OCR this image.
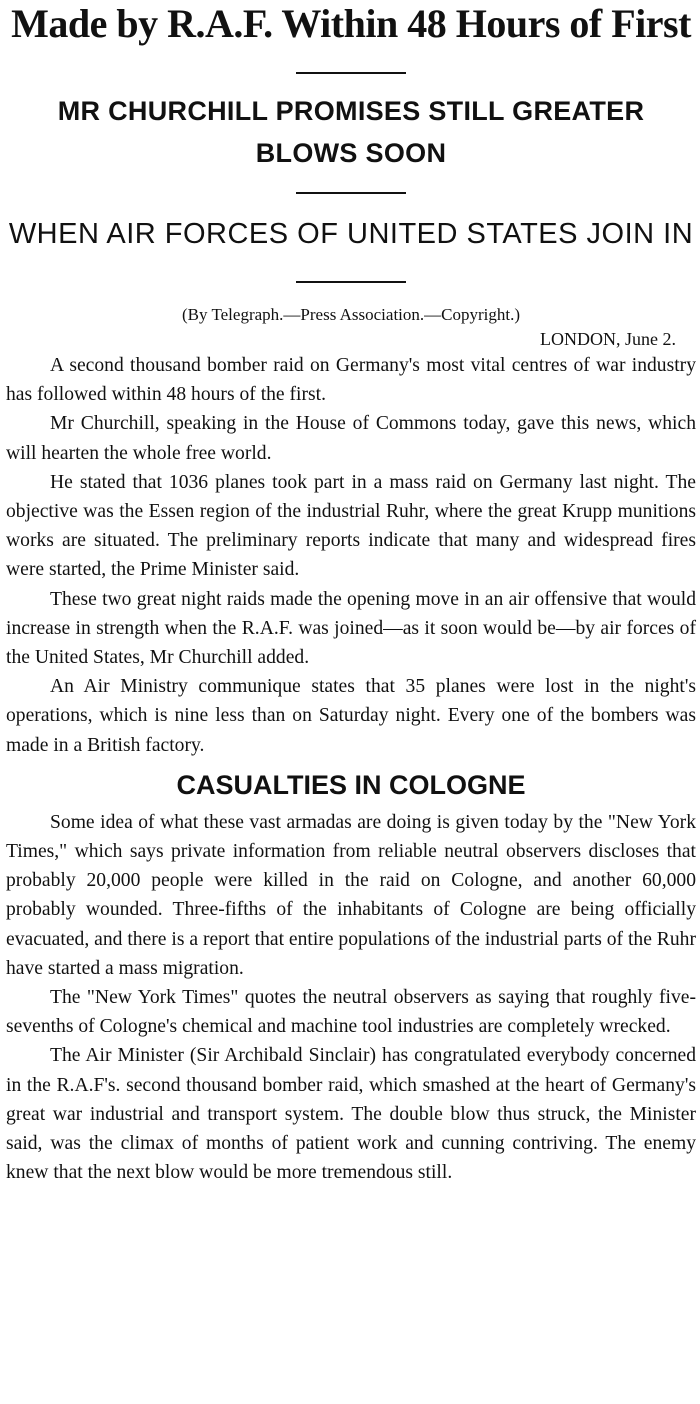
Made by R.A.F. Within 48 Hours of First
MR CHURCHILL PROMISES STILL GREATER BLOWS SOON
WHEN AIR FORCES OF UNITED STATES JOIN IN
(By Telegraph.—Press Association.—Copyright.)
LONDON, June 2.

A second thousand bomber raid on Germany's most vital centres of war industry has followed within 48 hours of the first.

Mr Churchill, speaking in the House of Commons today, gave this news, which will hearten the whole free world.

He stated that 1036 planes took part in a mass raid on Germany last night. The objective was the Essen region of the industrial Ruhr, where the great Krupp munitions works are situated. The preliminary reports indicate that many and widespread fires were started, the Prime Minister said.

These two great night raids made the opening move in an air offensive that would increase in strength when the R.A.F. was joined—as it soon would be—by air forces of the United States, Mr Churchill added.

An Air Ministry communique states that 35 planes were lost in the night's operations, which is nine less than on Saturday night. Every one of the bombers was made in a British factory.

CASUALTIES IN COLOGNE

Some idea of what these vast armadas are doing is given today by the "New York Times," which says private information from reliable neutral observers discloses that probably 20,000 people were killed in the raid on Cologne, and another 60,000 probably wounded. Three-fifths of the inhabitants of Cologne are being officially evacuated, and there is a report that entire populations of the industrial parts of the Ruhr have started a mass migration.

The "New York Times" quotes the neutral observers as saying that roughly five-sevenths of Cologne's chemical and machine tool industries are completely wrecked.

The Air Minister (Sir Archibald Sinclair) has congratulated everybody concerned in the R.A.F's. second thousand bomber raid, which smashed at the heart of Germany's great war industrial and transport system. The double blow thus struck, the Minister said, was the climax of months of patient work and cunning contriving. The enemy knew that the next blow would be more tremendous still.
